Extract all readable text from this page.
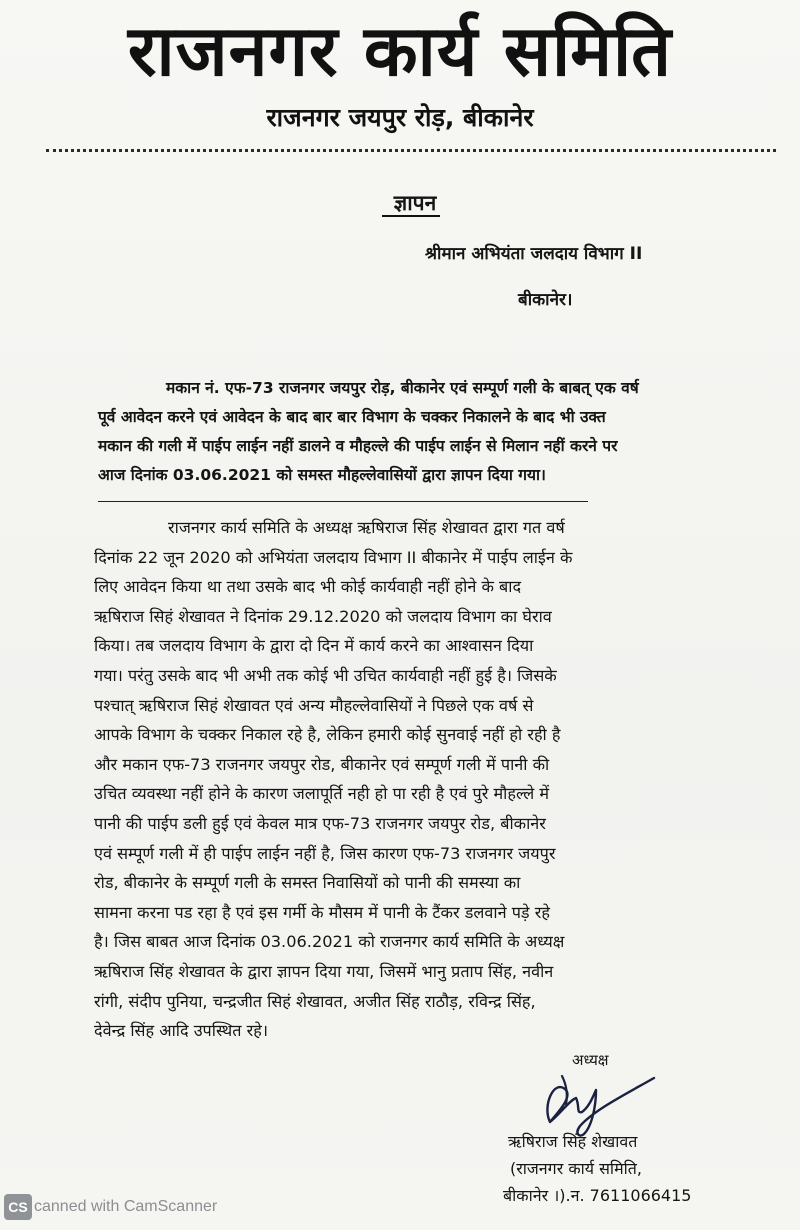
राजनगर कार्य समिति
राजनगर जयपुर रोड़, बीकानेर
ज्ञापन
श्रीमान अभियंता जलदाय विभाग II
बीकानेर।
मकान नं. एफ-73 राजनगर जयपुर रोड़, बीकानेर एवं सम्पूर्ण गली के बाबत् एक वर्ष
पूर्व आवेदन करने एवं आवेदन के बाद बार बार विभाग के चक्कर निकालने के बाद भी उक्त
मकान की गली में पाईप लाईन नहीं डालने व मौहल्ले की पाईप लाईन से मिलान नहीं करने पर
आज दिनांक 03.06.2021 को समस्त मौहल्लेवासियों द्वारा ज्ञापन दिया गया।
राजनगर कार्य समिति के अध्यक्ष ऋषिराज सिंह शेखावत द्वारा गत वर्ष
दिनांक 22 जून 2020 को अभियंता जलदाय विभाग II बीकानेर में पाईप लाईन के
लिए आवेदन किया था तथा उसके बाद भी कोई कार्यवाही नहीं होने के बाद
ऋषिराज सिहं शेखावत ने दिनांक 29.12.2020 को जलदाय विभाग का घेराव
किया। तब जलदाय विभाग के द्वारा दो दिन में कार्य करने का आश्वासन दिया
गया। परंतु उसके बाद भी अभी तक कोई भी उचित कार्यवाही नहीं हुई है। जिसके
पश्चात् ऋषिराज सिहं शेखावत एवं अन्य मौहल्लेवासियों ने पिछले एक वर्ष से
आपके विभाग के चक्कर निकाल रहे है, लेकिन हमारी कोई सुनवाई नहीं हो रही है
और मकान एफ-73 राजनगर जयपुर रोड, बीकानेर एवं सम्पूर्ण गली में पानी की
उचित व्यवस्था नहीं होने के कारण जलापूर्ति नही हो पा रही है एवं पुरे मौहल्ले में
पानी की पाईप डली हुई एवं केवल मात्र एफ-73 राजनगर जयपुर रोड, बीकानेर
एवं सम्पूर्ण गली में ही पाईप लाईन नहीं है, जिस कारण एफ-73 राजनगर जयपुर
रोड, बीकानेर के सम्पूर्ण गली के समस्त निवासियों को पानी की समस्या का
सामना करना पड रहा है एवं इस गर्मी के मौसम में पानी के टैंकर डलवाने पड़े रहे
है। जिस बाबत आज दिनांक 03.06.2021 को राजनगर कार्य समिति के अध्यक्ष
ऋषिराज सिंह शेखावत के द्वारा ज्ञापन दिया गया, जिसमें भानु प्रताप सिंह, नवीन
रांगी, संदीप पुनिया, चन्द्रजीत सिहं शेखावत, अजीत सिंह राठौड़, रविन्द्र सिंह,
देवेन्द्र सिंह आदि उपस्थित रहे।
अध्यक्ष
ऋषिराज सिंह शेखावत
(राजनगर कार्य समिति,
बीकानेर ।).न. 7611066415
CS canned with CamScanner
